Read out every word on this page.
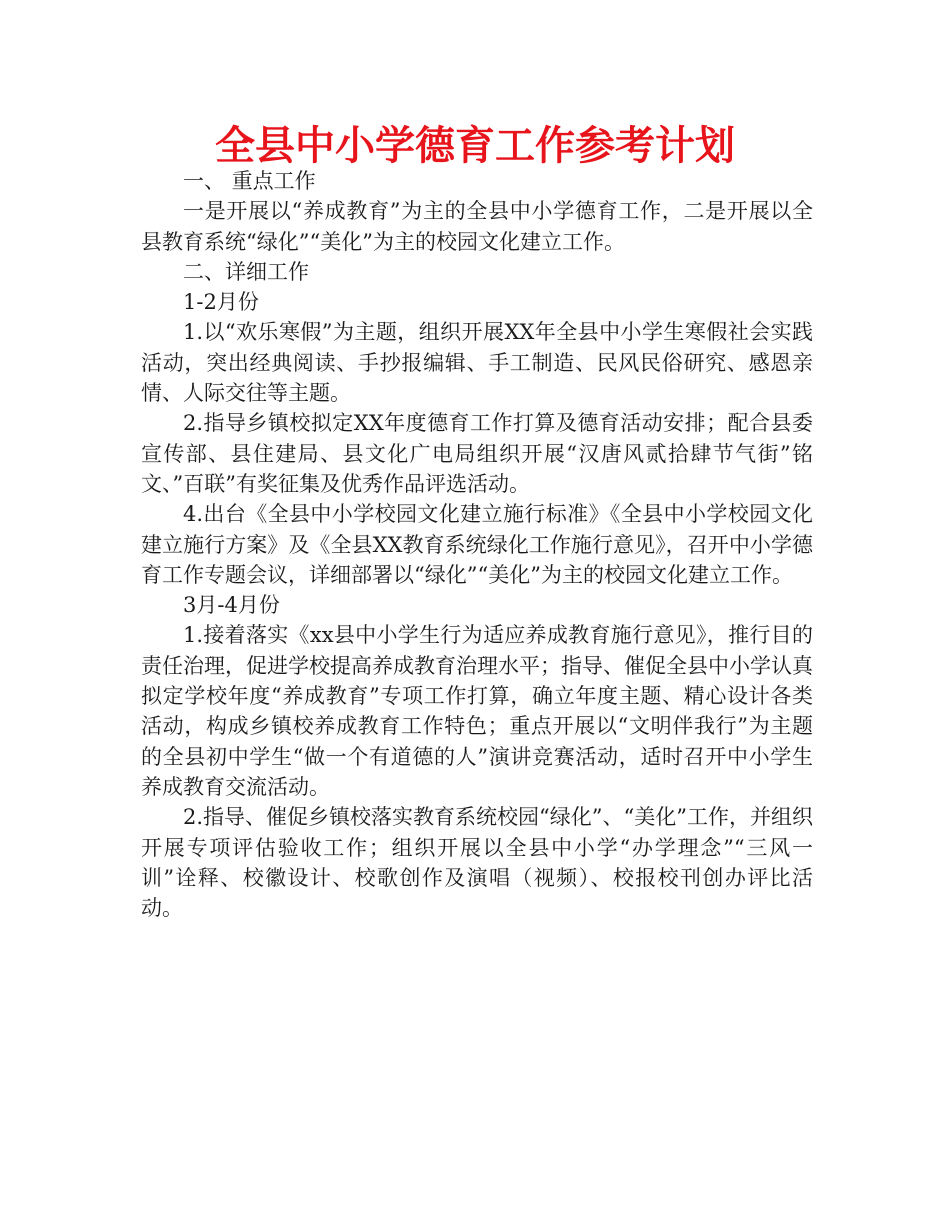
全县中小学德育工作参考计划

一、 重点工作

一是开展以“养成教育”为主的全县中小学德育工作，二是开展以全县教育系统“绿化”“美化”为主的校园文化建立工作。

二、详细工作

1-2月份

1.以“欢乐寒假”为主题，组织开展XX年全县中小学生寒假社会实践活动，突出经典阅读、手抄报编辑、手工制造、民风民俗研究、感恩亲情、人际交往等主题。

2.指导乡镇校拟定XX年度德育工作打算及德育活动安排；配合县委宣传部、县住建局、县文化广电局组织开展“汉唐风贰拾肆节气街”铭文、”百联”有奖征集及优秀作品评选活动。

4.出台《全县中小学校园文化建立施行标准》《全县中小学校园文化建立施行方案》及《全县XX教育系统绿化工作施行意见》，召开中小学德育工作专题会议，详细部署以“绿化”“美化”为主的校园文化建立工作。

3月-4月份

1.接着落实《xx县中小学生行为适应养成教育施行意见》，推行目的责任治理，促进学校提高养成教育治理水平；指导、催促全县中小学认真拟定学校年度“养成教育”专项工作打算，确立年度主题、精心设计各类活动，构成乡镇校养成教育工作特色；重点开展以“文明伴我行”为主题的全县初中学生“做一个有道德的人”演讲竞赛活动，适时召开中小学生养成教育交流活动。

2.指导、催促乡镇校落实教育系统校园“绿化”、“美化”工作，并组织开展专项评估验收工作；组织开展以全县中小学“办学理念”“三风一训”诠释、校徽设计、校歌创作及演唱（视频）、校报校刊创办评比活动。
